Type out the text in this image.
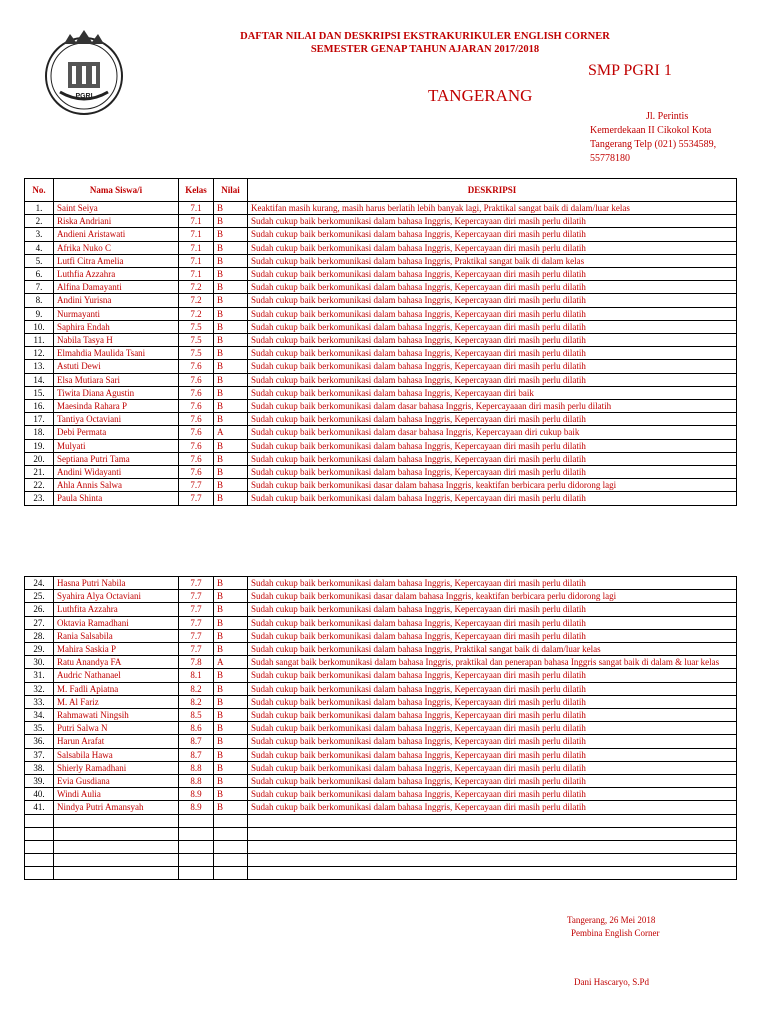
PGRI
DAFTAR NILAI DAN DESKRIPSI EKSTRAKURIKULER ENGLISH CORNER
SEMESTER GENAP TAHUN AJARAN 2017/2018
SMP PGRI 1
TANGERANG
Jl. Perintis
Kemerdekaan II Cikokol Kota
Tangerang Telp (021) 5534589,
55778180
No.	Nama Siswa/i	Kelas	Nilai	DESKRIPSI
1.	Saint Seiya	7.1	B	Keaktifan masih kurang, masih harus berlatih lebih banyak lagi, Praktikal sangat baik di dalam/luar kelas
2.	Riska Andriani	7.1	B	Sudah cukup baik berkomunikasi dalam bahasa Inggris, Kepercayaan diri masih perlu dilatih
3.	Andieni Aristawati	7.1	B	Sudah cukup baik berkomunikasi dalam bahasa Inggris, Kepercayaan diri masih perlu dilatih
4.	Afrika Nuko C	7.1	B	Sudah cukup baik berkomunikasi dalam bahasa Inggris, Kepercayaan diri masih perlu dilatih
5.	Lutfi Citra Amelia	7.1	B	Sudah cukup baik berkomunikasi dalam bahasa Inggris, Praktikal sangat baik di dalam kelas
6.	Luthfia Azzahra	7.1	B	Sudah cukup baik berkomunikasi dalam bahasa Inggris, Kepercayaan diri masih perlu dilatih
7.	Alfina Damayanti	7.2	B	Sudah cukup baik berkomunikasi dalam bahasa Inggris, Kepercayaan diri masih perlu dilatih
8.	Andini Yurisna	7.2	B	Sudah cukup baik berkomunikasi dalam bahasa Inggris, Kepercayaan diri masih perlu dilatih
9.	Nurmayanti	7.2	B	Sudah cukup baik berkomunikasi dalam bahasa Inggris, Kepercayaan diri masih perlu dilatih
10.	Saphira Endah	7.5	B	Sudah cukup baik berkomunikasi dalam bahasa Inggris, Kepercayaan diri masih perlu dilatih
11.	Nabila Tasya H	7.5	B	Sudah cukup baik berkomunikasi dalam bahasa Inggris, Kepercayaan diri masih perlu dilatih
12.	Elmahdia Maulida Tsani	7.5	B	Sudah cukup baik berkomunikasi dalam bahasa Inggris, Kepercayaan diri masih perlu dilatih
13.	Astuti Dewi	7.6	B	Sudah cukup baik berkomunikasi dalam bahasa Inggris, Kepercayaan diri masih perlu dilatih
14.	Elsa Mutiara Sari	7.6	B	Sudah cukup baik berkomunikasi dalam bahasa Inggris, Kepercayaan diri masih perlu dilatih
15.	Tiwita Diana Agustin	7.6	B	Sudah cukup baik berkomunikasi dalam bahasa Inggris, Kepercayaan diri baik
16.	Maesinda Rahara P	7.6	B	Sudah cukup baik berkomunikasi dalam dasar bahasa Inggris, Kepercayaaan diri masih perlu dilatih
17.	Tantiya Octaviani	7.6	B	Sudah cukup baik berkomunikasi dalam bahasa Inggris, Kepercayaan diri masih perlu dilatih
18.	Debi Permata	7.6	A	Sudah cukup baik berkomunikasi dalam dasar bahasa Inggris, Kepercayaan diri cukup baik
19.	Mulyati	7.6	B	Sudah cukup baik berkomunikasi dalam bahasa Inggris, Kepercayaan diri masih perlu dilatih
20.	Septiana Putri Tama	7.6	B	Sudah cukup baik berkomunikasi dalam bahasa Inggris, Kepercayaan diri masih perlu dilatih
21.	Andini Widayanti	7.6	B	Sudah cukup baik berkomunikasi dalam bahasa Inggris, Kepercayaan diri masih perlu dilatih
22.	Ahla Annis Salwa	7.7	B	Sudah cukup baik berkomunikasi dasar dalam bahasa Inggris, keaktifan berbicara perlu didorong lagi
23.	Paula Shinta	7.7	B	Sudah cukup baik berkomunikasi dalam bahasa Inggris, Kepercayaan diri masih perlu dilatih
24.	Hasna Putri Nabila	7.7	B	Sudah cukup baik berkomunikasi dalam bahasa Inggris, Kepercayaan diri masih perlu dilatih
25.	Syahira Alya Octaviani	7.7	B	Sudah cukup baik berkomunikasi dasar dalam bahasa Inggris, keaktifan berbicara perlu didorong lagi
26.	Luthfita Azzahra	7.7	B	Sudah cukup baik berkomunikasi dalam bahasa Inggris, Kepercayaan diri masih perlu dilatih
27.	Oktavia Ramadhani	7.7	B	Sudah cukup baik berkomunikasi dalam bahasa Inggris, Kepercayaan diri masih perlu dilatih
28.	Rania Salsabila	7.7	B	Sudah cukup baik berkomunikasi dalam bahasa Inggris, Kepercayaan diri masih perlu dilatih
29.	Mahira Saskia P	7.7	B	Sudah cukup baik berkomunikasi dalam bahasa Inggris, Praktikal sangat baik di dalam/luar kelas
30.	Ratu Anandya FA	7.8	A	Sudah sangat baik berkomunikasi dalam bahasa Inggris, praktikal dan penerapan bahasa Inggris sangat baik di dalam & luar kelas
31.	Audric Nathanael	8.1	B	Sudah cukup baik berkomunikasi dalam bahasa Inggris, Kepercayaan diri masih perlu dilatih
32.	M. Fadli Apiatna	8.2	B	Sudah cukup baik berkomunikasi dalam bahasa Inggris, Kepercayaan diri masih perlu dilatih
33.	M. Al Fariz	8.2	B	Sudah cukup baik berkomunikasi dalam bahasa Inggris, Kepercayaan diri masih perlu dilatih
34.	Rahmawati Ningsih	8.5	B	Sudah cukup baik berkomunikasi dalam bahasa Inggris, Kepercayaan diri masih perlu dilatih
35.	Putri Salwa N	8.6	B	Sudah cukup baik berkomunikasi dalam bahasa Inggris, Kepercayaan diri masih perlu dilatih
36.	Harun Arafat	8.7	B	Sudah cukup baik berkomunikasi dalam bahasa Inggris, Kepercayaan diri masih perlu dilatih
37.	Salsabila Hawa	8.7	B	Sudah cukup baik berkomunikasi dalam bahasa Inggris, Kepercayaan diri masih perlu dilatih
38.	Shierly Ramadhani	8.8	B	Sudah cukup baik berkomunikasi dalam bahasa Inggris, Kepercayaan diri masih perlu dilatih
39.	Evia Gusdiana	8.8	B	Sudah cukup baik berkomunikasi dalam bahasa Inggris, Kepercayaan diri masih perlu dilatih
40.	Windi Aulia	8.9	B	Sudah cukup baik berkomunikasi dalam bahasa Inggris, Kepercayaan diri masih perlu dilatih
41.	Nindya Putri Amansyah	8.9	B	Sudah cukup baik berkomunikasi dalam bahasa Inggris, Kepercayaan diri masih perlu dilatih

Tangerang, 26 Mei 2018
Pembina English Corner
Dani Hascaryo, S.Pd
